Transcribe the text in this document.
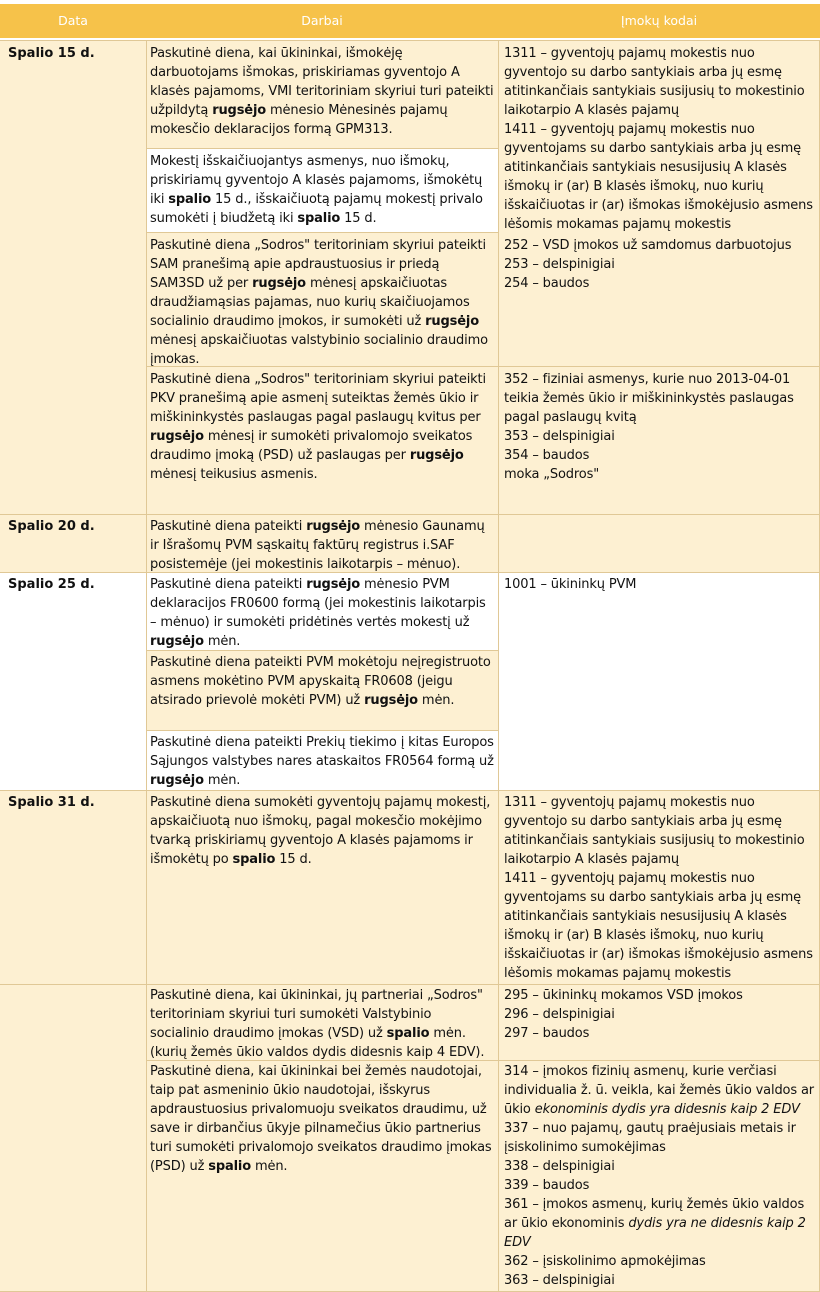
Data	Darbai	Įmokų kodai
Spalio 15 d.
Spalio 20 d.
Spalio 25 d.
Spalio 31 d.
Paskutinė diena, kai ūkininkai, išmokėję darbuotojams išmokas, priskiriamas gyventojo A klasės pajamoms, VMI teritoriniam skyriui turi pateikti užpildytą rugsėjo mėnesio Mėnesinės pajamų mokesčio deklaracijos formą GPM313.
Mokestį išskaičiuojantys asmenys, nuo išmokų, priskiriamų gyventojo A klasės pajamoms, išmokėtų iki spalio 15 d., išskaičiuotą pajamų mokestį privalo sumokėti į biudžetą iki spalio 15 d.
Paskutinė diena „Sodros" teritoriniam skyriui pateikti SAM pranešimą apie apdraustuosius ir priedą SAM3SD už per rugsėjo mėnesį apskaičiuotas draudžiamąsias pajamas, nuo kurių skaičiuojamos socialinio draudimo įmokos, ir sumokėti už rugsėjo mėnesį apskaičiuotas valstybinio socialinio draudimo įmokas.
Paskutinė diena „Sodros" teritoriniam skyriui pateikti PKV pranešimą apie asmenį suteiktas žemės ūkio ir miškininkystės paslaugas pagal paslaugų kvitus per rugsėjo mėnesį ir sumokėti privalomojo sveikatos draudimo įmoką (PSD) už paslaugas per rugsėjo mėnesį teikusius asmenis.
Paskutinė diena pateikti rugsėjo mėnesio Gaunamų ir Išrašomų PVM sąskaitų faktūrų registrus i.SAF posistemėje (jei mokestinis laikotarpis – mėnuo).
Paskutinė diena pateikti rugsėjo mėnesio PVM deklaracijos FR0600 formą (jei mokestinis laikotarpis – mėnuo) ir sumokėti pridėtinės vertės mokestį už rugsėjo mėn.
Paskutinė diena pateikti PVM mokėtoju neįregistruoto asmens mokėtino PVM apyskaitą FR0608 (jeigu atsirado prievolė mokėti PVM) už rugsėjo mėn.
Paskutinė diena pateikti Prekių tiekimo į kitas Europos Sąjungos valstybes nares ataskaitos FR0564 formą už rugsėjo mėn.
Paskutinė diena sumokėti gyventojų pajamų mokestį, apskaičiuotą nuo išmokų, pagal mokesčio mokėjimo tvarką priskiriamų gyventojo A klasės pajamoms ir išmokėtų po spalio 15 d.
Paskutinė diena, kai ūkininkai, jų partneriai „Sodros" teritoriniam skyriui turi sumokėti Valstybinio socialinio draudimo įmokas (VSD) už spalio mėn. (kurių žemės ūkio valdos dydis didesnis kaip 4 EDV).
Paskutinė diena, kai ūkininkai bei žemės naudotojai, taip pat asmeninio ūkio naudotojai, išskyrus apdraustuosius privalomuoju sveikatos draudimu, už save ir dirbančius ūkyje pilnamečius ūkio partnerius turi sumokėti privalomojo sveikatos draudimo įmokas (PSD) už spalio mėn.
1311 – gyventojų pajamų mokestis nuo gyventojo su darbo santykiais arba jų esmę atitinkančiais santykiais susijusių to mokestinio laikotarpio A klasės pajamų
1411 – gyventojų pajamų mokestis nuo gyventojams su darbo santykiais arba jų esmę atitinkančiais santykiais nesusijusių A klasės išmokų ir (ar) B klasės išmokų, nuo kurių išskaičiuotas ir (ar) išmokas išmokėjusio asmens lėšomis mokamas pajamų mokestis
252 – VSD įmokos už samdomus darbuotojus
253 – delspinigiai
254 – baudos
352 – fiziniai asmenys, kurie nuo 2013-04-01 teikia žemės ūkio ir miškininkystės paslaugas pagal paslaugų kvitą
353 – delspinigiai
354 – baudos
moka „Sodros"
1001 – ūkininkų PVM
1311 – gyventojų pajamų mokestis nuo gyventojo su darbo santykiais arba jų esmę atitinkančiais santykiais susijusių to mokestinio laikotarpio A klasės pajamų
1411 – gyventojų pajamų mokestis nuo gyventojams su darbo santykiais arba jų esmę atitinkančiais santykiais nesusijusių A klasės išmokų ir (ar) B klasės išmokų, nuo kurių išskaičiuotas ir (ar) išmokas išmokėjusio asmens lėšomis mokamas pajamų mokestis
295 – ūkininkų mokamos VSD įmokos
296 – delspinigiai
297 – baudos
314 – įmokos fizinių asmenų, kurie verčiasi individualia ž. ū. veikla, kai žemės ūkio valdos ar ūkio ekonominis dydis yra didesnis kaip 2 EDV
337 – nuo pajamų, gautų praėjusiais metais ir įsiskolinimo sumokėjimas
338 – delspinigiai
339 – baudos
361 – įmokos asmenų, kurių žemės ūkio valdos ar ūkio ekonominis dydis yra ne didesnis kaip 2 EDV
362 – įsiskolinimo apmokėjimas
363 – delspinigiai
